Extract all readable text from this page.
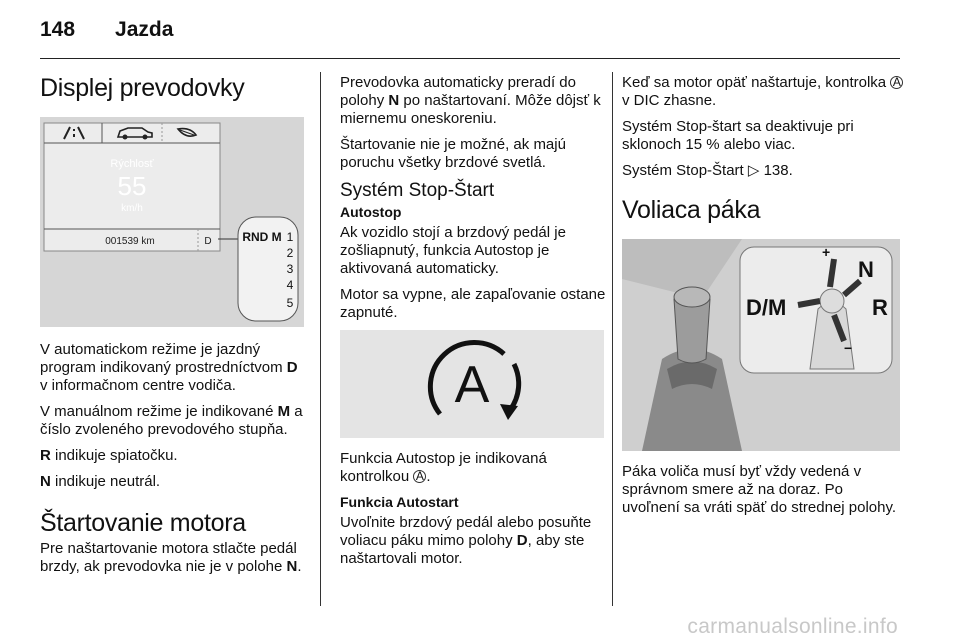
148 Jazda
Displej prevodovky
Rýchlosť
55
km/h
001539 km	D	RND M 1
2
3
4
5

V automatickom režime je jazdný program indikovaný prostredníctvom D v informačnom centre vodiča.

V manuálnom režime je indikované M a číslo zvoleného prevodového stupňa.

R indikuje spiatočku.

N indikuje neutrál.

Štartovanie motora

Pre naštartovanie motora stlačte pedál brzdy, ak prevodovka nie je v polohe N.

Prevodovka automaticky preradí do polohy N po naštartovaní. Môže dôjsť k miernemu oneskoreniu.

Štartovanie nie je možné, ak majú poruchu všetky brzdové svetlá.

Systém Stop-Štart
Autostop

Ak vozidlo stojí a brzdový pedál je zošliapnutý, funkcia Autostop je aktivovaná automaticky.

Motor sa vypne, ale zapaľovanie ostane zapnuté.

A

Funkcia Autostop je indikovaná kontrolkou A .

Funkcia Autostart

Uvoľnite brzdový pedál alebo posuňte voliacu páku mimo polohy D, aby ste naštartovali motor.

Keď sa motor opäť naštartuje, kontrolka A v DIC zhasne.

Systém Stop-štart sa deaktivuje pri sklonoch 15 % alebo viac.

Systém Stop-Štart ▷ 138.

Voliaca páka
+
−
D/M
N
R

Páka voliča musí byť vždy vedená v správnom smere až na doraz. Po uvoľnení sa vráti späť do strednej polohy.

carmanualsonline.info
